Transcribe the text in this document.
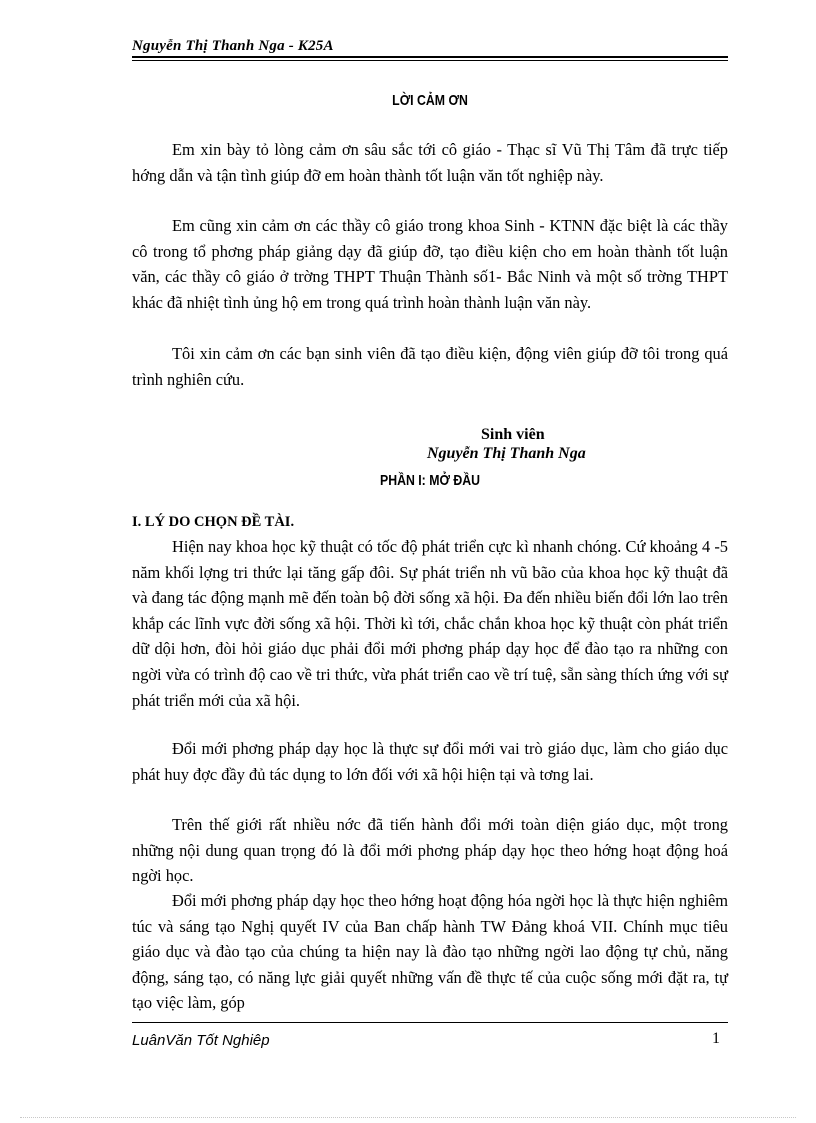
Nguyễn Thị Thanh Nga - K25A
LỜI CẢM ƠN

Em xin bày tỏ lòng cảm ơn sâu sắc tới cô giáo - Thạc sĩ Vũ Thị Tâm đã trực tiếp hớng dẫn và tận tình giúp đỡ em hoàn thành tốt luận văn tốt nghiệp này.

Em cũng xin cảm ơn các thầy cô giáo trong khoa Sinh - KTNN đặc biệt là các thầy cô trong tổ phơng pháp giảng dạy đã giúp đỡ, tạo điều kiện cho em hoàn thành tốt luận văn, các thầy cô giáo ở trờng THPT Thuận Thành số1- Bắc Ninh và một số trờng THPT khác đã nhiệt tình ủng hộ em trong quá trình hoàn thành luận văn này.

Tôi xin cảm ơn các bạn sinh viên đã tạo điều kiện, động viên giúp đỡ tôi trong quá trình nghiên cứu.

Sinh viên
Nguyễn Thị Thanh Nga
PHẦN I: MỞ ĐẦU
I. LÝ DO CHỌN ĐỀ TÀI.

Hiện nay khoa học kỹ thuật có tốc độ phát triển cực kì nhanh chóng. Cứ khoảng 4 -5 năm khối lợng tri thức lại tăng gấp đôi. Sự phát triển nh vũ bão của khoa học kỹ thuật đã và đang tác động mạnh mẽ đến toàn bộ đời sống xã hội. Đa đến nhiều biến đổi lớn lao trên khắp các lĩnh vực đời sống xã hội. Thời kì tới, chắc chắn khoa học kỹ thuật còn phát triển dữ dội hơn, đòi hỏi giáo dục phải đổi mới phơng pháp dạy học để đào tạo ra những con ngời vừa có trình độ cao về tri thức, vừa phát triển cao về trí tuệ, sẵn sàng thích ứng với sự phát triển mới của xã hội.

Đổi mới phơng pháp dạy học là thực sự đổi mới vai trò giáo dục, làm cho giáo dục phát huy đợc đầy đủ tác dụng to lớn đối với xã hội hiện tại và tơng lai.

Trên thế giới rất nhiều nớc đã tiến hành đổi mới toàn diện giáo dục, một trong những nội dung quan trọng đó là đổi mới phơng pháp dạy học theo hớng hoạt động hoá ngời học.

Đổi mới phơng pháp dạy học theo hớng hoạt động hóa ngời học là thực hiện nghiêm túc và sáng tạo Nghị quyết IV của Ban chấp hành TW Đảng khoá VII. Chính mục tiêu giáo dục và đào tạo của chúng ta hiện nay là đào tạo những ngời lao động tự chủ, năng động, sáng tạo, có năng lực giải quyết những vấn đề thực tế của cuộc sống mới đặt ra, tự tạo việc làm, góp

LuânVăn Tốt Nghiêp	1
